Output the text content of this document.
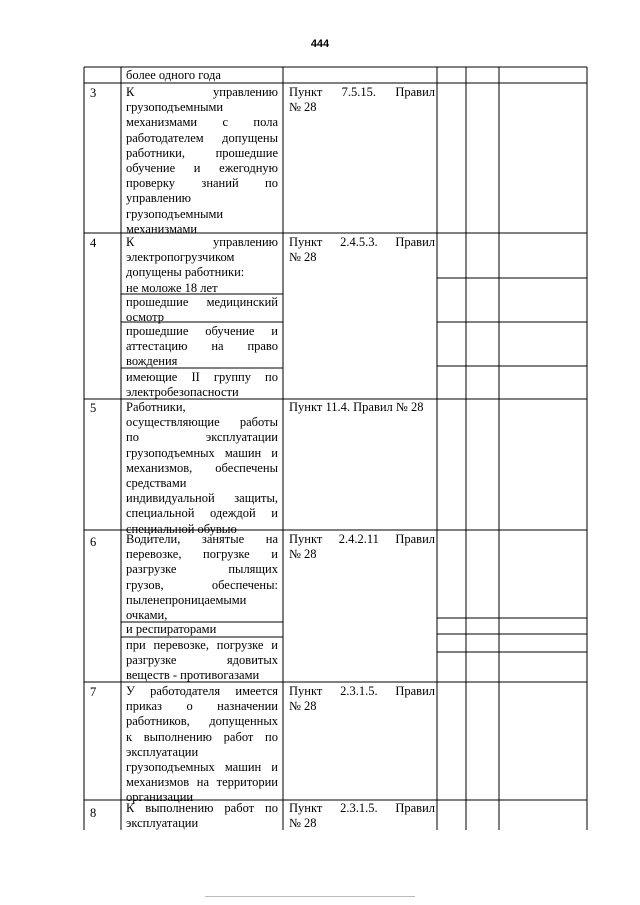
444

более одного года

3 К управлению
грузоподъемными
механизмами с пола
работодателем допущены
работники, прошедшие
обучение и ежегодную
проверку знаний по
управлению
грузоподъемными
механизмами
Пункт 7.5.15. Правил
№ 28
4 К управлению
электропогрузчиком
допущены работники:
не моложе 18 лет
прошедшие медицинский
осмотр
прошедшие обучение и
аттестацию на право
вождения
имеющие II группу по
электробезопасности
Пункт 2.4.5.3. Правил
№ 28
5 Работники,
осуществляющие работы
по эксплуатации
грузоподъемных машин и
механизмов, обеспечены
средствами
индивидуальной защиты,
специальной одеждой и
специальной обувью
Пункт 11.4. Правил № 28
6 Водители, занятые на
перевозке, погрузке и
разгрузке пылящих
грузов, обеспечены:
пыленепроницаемыми
очками,
и респираторами
при перевозке, погрузке и
разгрузке ядовитых
веществ - противогазами
Пункт 2.4.2.11 Правил
№ 28
7 У работодателя имеется
приказ о назначении
работников, допущенных
к выполнению работ по
эксплуатации
грузоподъемных машин и
механизмов на территории
организации
Пункт 2.3.1.5. Правил
№ 28
8 К выполнению работ по
эксплуатации
Пункт 2.3.1.5. Правил
№ 28
